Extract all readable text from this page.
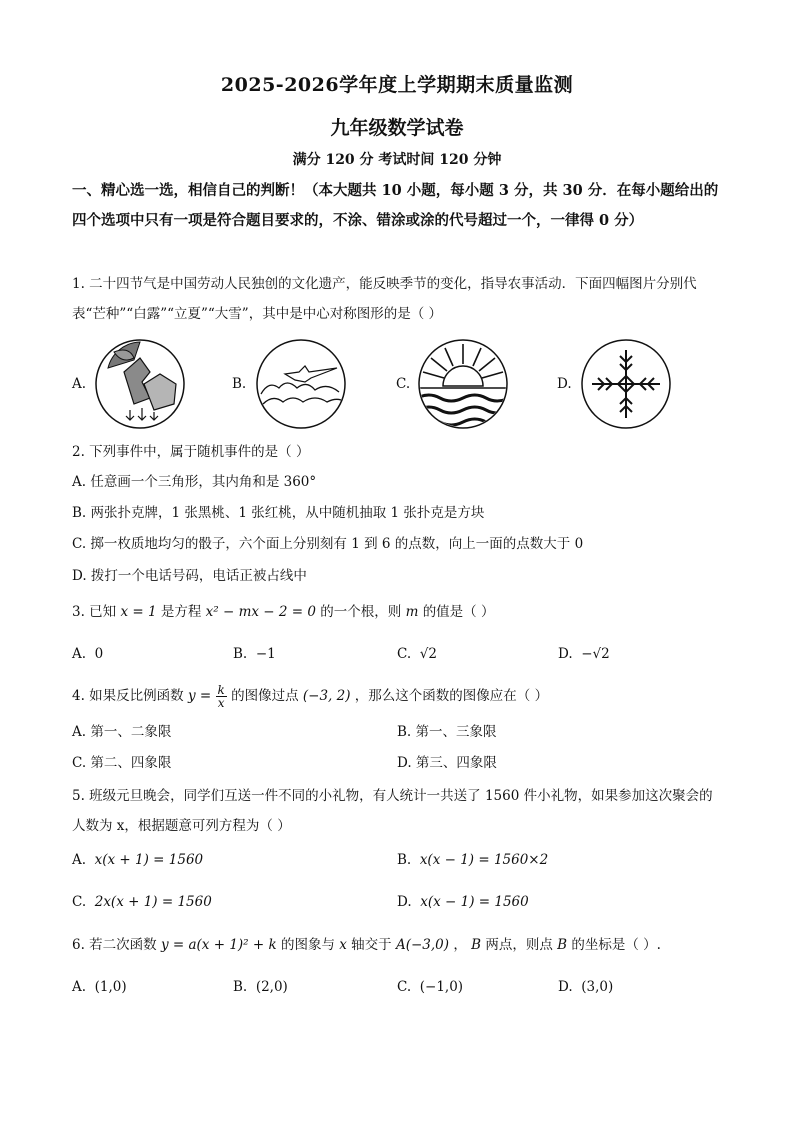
2025-2026学年度上学期期末质量监测
九年级数学试卷
满分 120 分 考试时间 120 分钟
一、精心选一选，相信自己的判断！（本大题共 10 小题，每小题 3 分，共 30 分．在每小题给出的四个选项中只有一项是符合题目要求的，不涂、错涂或涂的代号超过一个，一律得 0 分）
1. 二十四节气是中国劳动人民独创的文化遗产，能反映季节的变化，指导农事活动．下面四幅图片分别代表“芒种”“白露”“立夏”“大雪”，其中是中心对称图形的是（ ）
A.	B.	C.	D.
2. 下列事件中，属于随机事件的是（ ）
A. 任意画一个三角形，其内角和是 360°
B. 两张扑克牌，1 张黑桃、1 张红桃，从中随机抽取 1 张扑克是方块
C. 掷一枚质地均匀的骰子，六个面上分别刻有 1 到 6 的点数，向上一面的点数大于 0
D. 拨打一个电话号码，电话正被占线中
3. 已知 x = 1 是方程 x² − mx − 2 = 0 的一个根，则 m 的值是（ ）
A. 0	B. −1	C. √2	D. −√2
4. 如果反比例函数 $y = \frac{k}{x}$ 的图像过点 (−3, 2) ，那么这个函数的图像应在（ ）
A. 第一、二象限	B. 第一、三象限
C. 第二、四象限	D. 第三、四象限
5. 班级元旦晚会，同学们互送一件不同的小礼物，有人统计一共送了 1560 件小礼物，如果参加这次聚会的人数为 x，根据题意可列方程为（ ）
A. x(x + 1) = 1560	B. x(x − 1) = 1560×2
C. 2x(x + 1) = 1560	D. x(x − 1) = 1560
6. 若二次函数 y = a(x + 1)² + k 的图象与 x 轴交于 A(−3,0) ， B 两点，则点 B 的坐标是（ ）.
A. (1,0)	B. (2,0)	C. (−1,0)	D. (3,0)
